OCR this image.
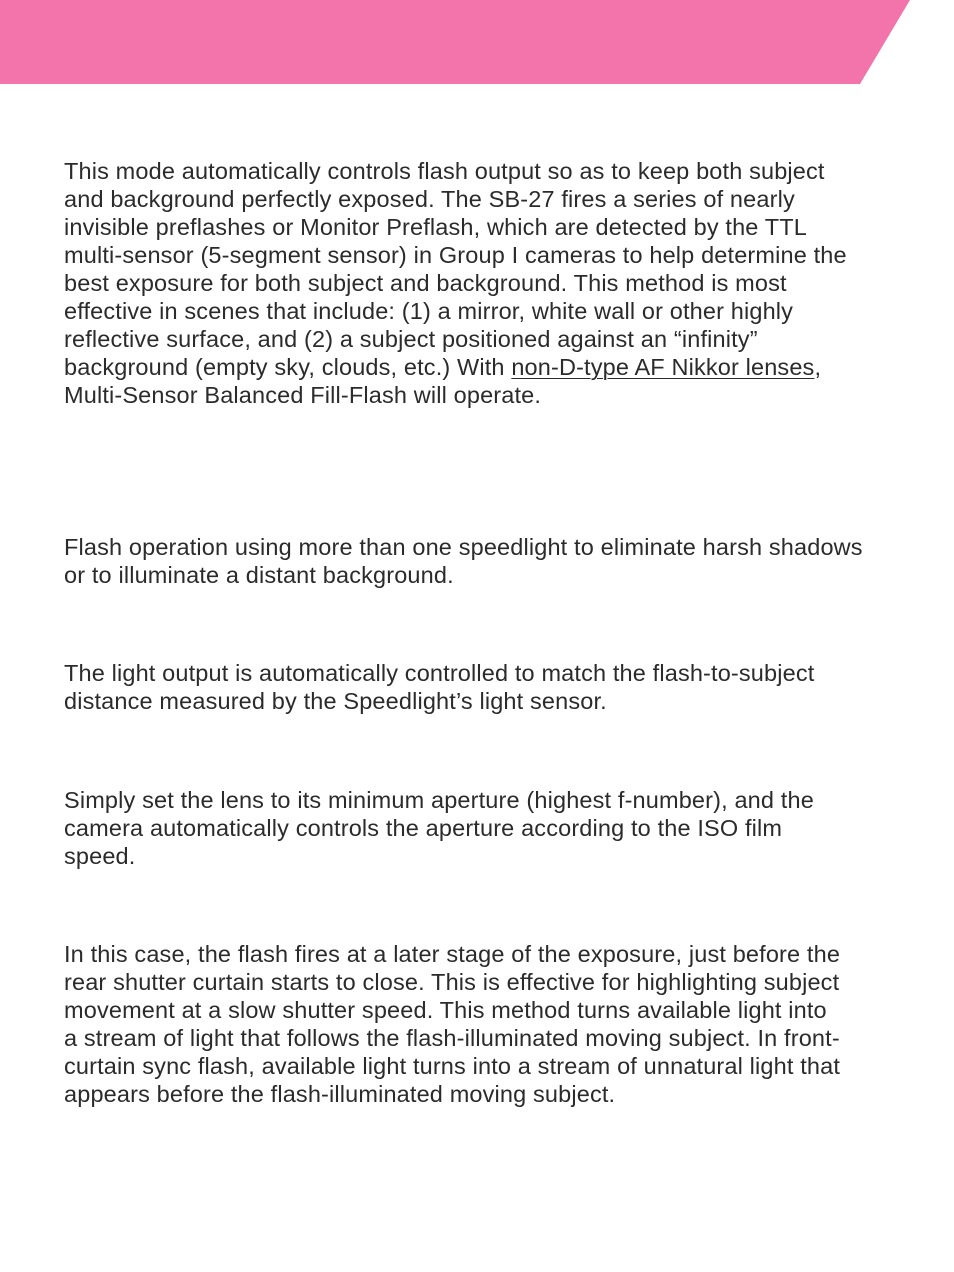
This mode automatically controls flash output so as to keep both subject and background perfectly exposed. The SB-27 fires a series of nearly invisible preflashes or Monitor Preflash, which are detected by the TTL multi-sensor (5-segment sensor) in Group I cameras to help determine the best exposure for both subject and background. This method is most effective in scenes that include: (1) a mirror, white wall or other highly reflective surface, and (2) a subject positioned against an “infinity” background (empty sky, clouds, etc.) With non-D-type AF Nikkor lenses, Multi-Sensor Balanced Fill-Flash will operate.

Flash operation using more than one speedlight to eliminate harsh shadows or to illuminate a distant background.

The light output is automatically controlled to match the flash-to-subject distance measured by the Speedlight’s light sensor.

Simply set the lens to its minimum aperture (highest f-number), and the camera automatically controls the aperture according to the ISO film speed.

In this case, the flash fires at a later stage of the exposure, just before the rear shutter curtain starts to close. This is effective for highlighting subject movement at a slow shutter speed. This method turns available light into a stream of light that follows the flash-illuminated moving subject. In front-curtain sync flash, available light turns into a stream of unnatural light that appears before the flash-illuminated moving subject.
